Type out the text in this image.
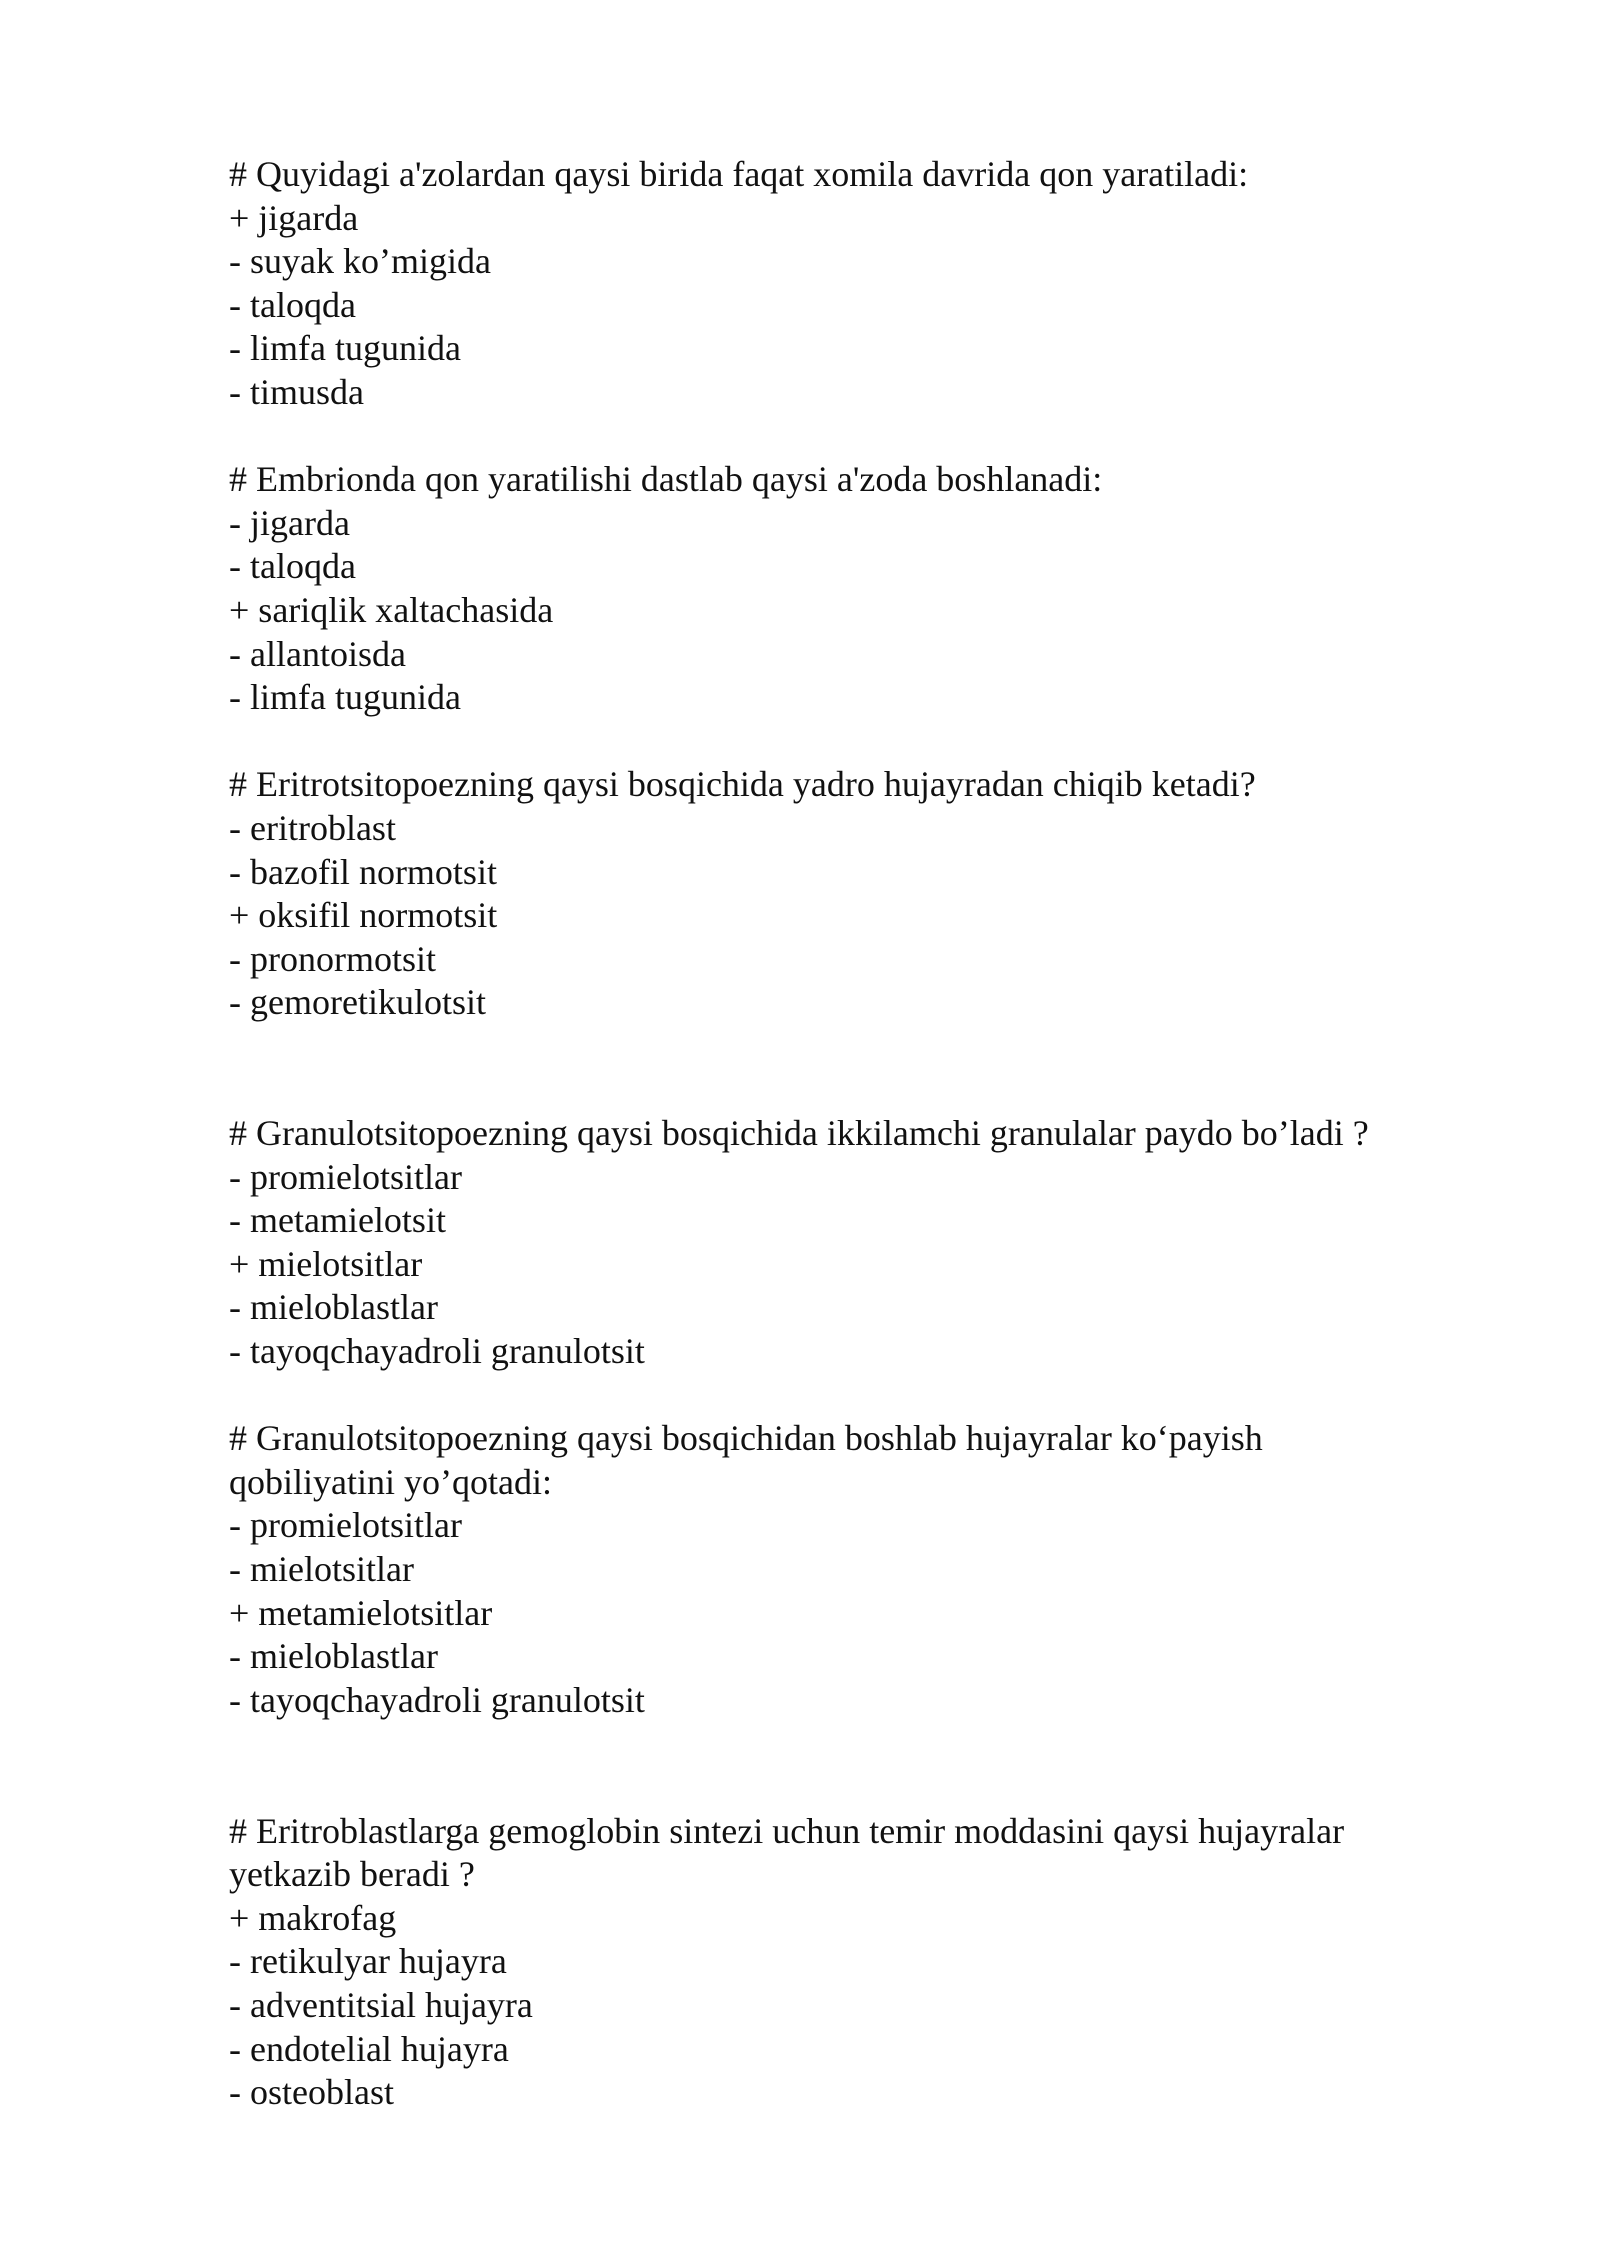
# Quyidagi a'zolardan qaysi birida faqat xomila davrida qon yaratiladi:
+ jigarda
- suyak ko’migida
- taloqda
- limfa tugunida
- timusda
# Embrionda qon yaratilishi dastlab qaysi a'zoda boshlanadi:
- jigarda
- taloqda
+ sariqlik xaltachasida
- allantoisda
- limfa tugunida
# Eritrotsitopoezning qaysi bosqichida yadro hujayradan chiqib ketadi?
- eritroblast
- bazofil normotsit
+ oksifil normotsit
- pronormotsit
- gemoretikulotsit
# Granulotsitopoezning qaysi bosqichida ikkilamchi granulalar paydo bo’ladi ?
- promielotsitlar
- metamielotsit
+ mielotsitlar
- mieloblastlar
- tayoqchayadroli granulotsit
# Granulotsitopoezning qaysi bosqichidan boshlab hujayralar ko‘payish
qobiliyatini yo’qotadi:
- promielotsitlar
- mielotsitlar
+ metamielotsitlar
- mieloblastlar
- tayoqchayadroli granulotsit
# Eritroblastlarga gemoglobin sintezi uchun temir moddasini qaysi hujayralar
yetkazib beradi ?
+ makrofag
- retikulyar hujayra
- adventitsial hujayra
- endotelial hujayra
- osteoblast
